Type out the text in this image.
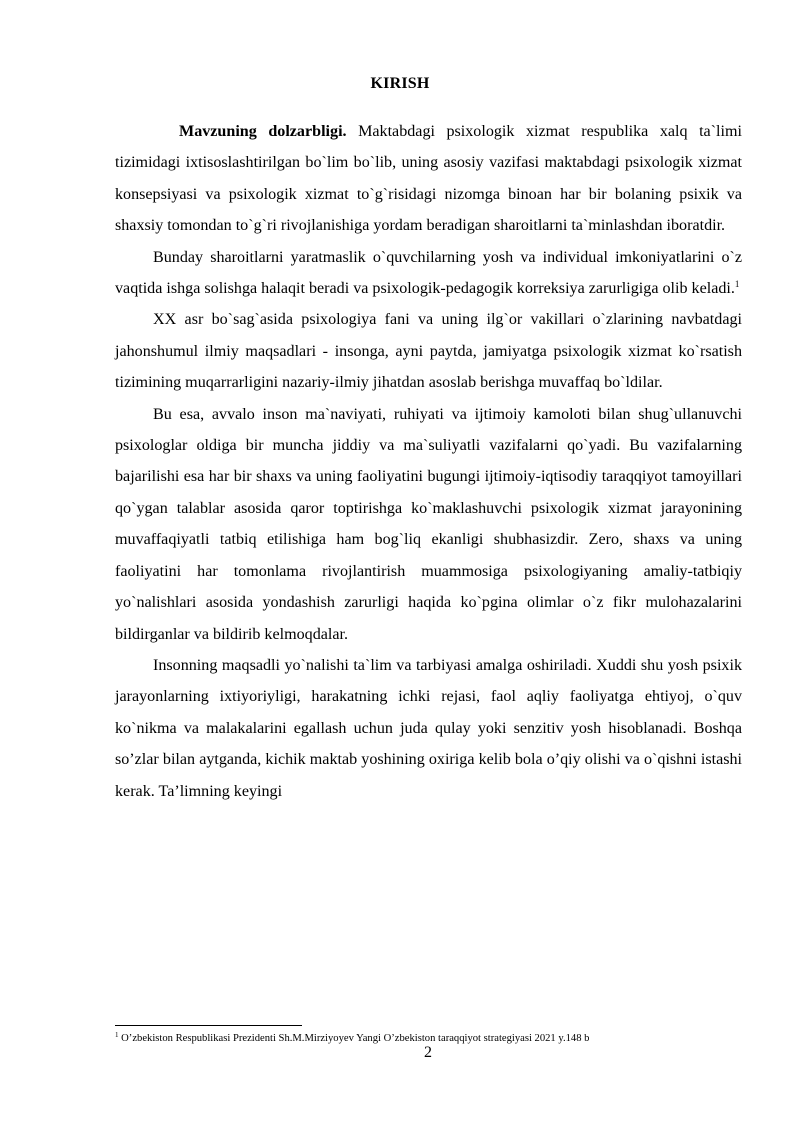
KIRISH

Mavzuning dolzarbligi. Maktabdagi psixologik xizmat respublika xalq ta`limi tizimidagi ixtisoslashtirilgan bo`lim bo`lib, uning asosiy vazifasi maktabdagi psixologik xizmat konsepsiyasi va psixologik xizmat to`g`risidagi nizomga binoan har bir bolaning psixik va shaxsiy tomondan to`g`ri rivojlanishiga yordam beradigan sharoitlarni ta`minlashdan iboratdir.

Bunday sharoitlarni yaratmaslik o`quvchilarning yosh va individual imkoniyatlarini o`z vaqtida ishga solishga halaqit beradi va psixologik-pedagogik korreksiya zarurligiga olib keladi.$^1$

XX asr bo`sag`asida psixologiya fani va uning ilg`or vakillari o`zlarining navbatdagi jahonshumul ilmiy maqsadlari - insonga, ayni paytda, jamiyatga psixologik xizmat ko`rsatish tizimining muqarrarligini nazariy-ilmiy jihatdan asoslab berishga muvaffaq bo`ldilar.

Bu esa, avvalo inson ma`naviyati, ruhiyati va ijtimoiy kamoloti bilan shug`ullanuvchi psixologlar oldiga bir muncha jiddiy va ma`suliyatli vazifalarni qo`yadi. Bu vazifalarning bajarilishi esa har bir shaxs va uning faoliyatini bugungi ijtimoiy-iqtisodiy taraqqiyot tamoyillari qo`ygan talablar asosida qaror toptirishga ko`maklashuvchi psixologik xizmat jarayonining muvaffaqiyatli tatbiq etilishiga ham bog`liq ekanligi shubhasizdir. Zero, shaxs va uning faoliyatini har tomonlama rivojlantirish muammosiga psixologiyaning amaliy-tatbiqiy yo`nalishlari asosida yondashish zarurligi haqida ko`pgina olimlar o`z fikr mulohazalarini bildirganlar va bildirib kelmoqdalar.

Insonning maqsadli yo`nalishi ta`lim va tarbiyasi amalga oshiriladi. Xuddi shu yosh psixik jarayonlarning ixtiyoriyligi, harakatning ichki rejasi, faol aqliy faoliyatga ehtiyoj, o`quv ko`nikma va malakalarini egallash uchun juda qulay yoki senzitiv yosh hisoblanadi. Boshqa so’zlar bilan aytganda, kichik maktab yoshining oxiriga kelib bola o’qiy olishi va o`qishni istashi kerak. Ta’limning keyingi

$^1$ O’zbekiston Respublikasi Prezidenti Sh.M.Mirziyoyev Yangi O’zbekiston taraqqiyot strategiyasi 2021 y.148 b
2
